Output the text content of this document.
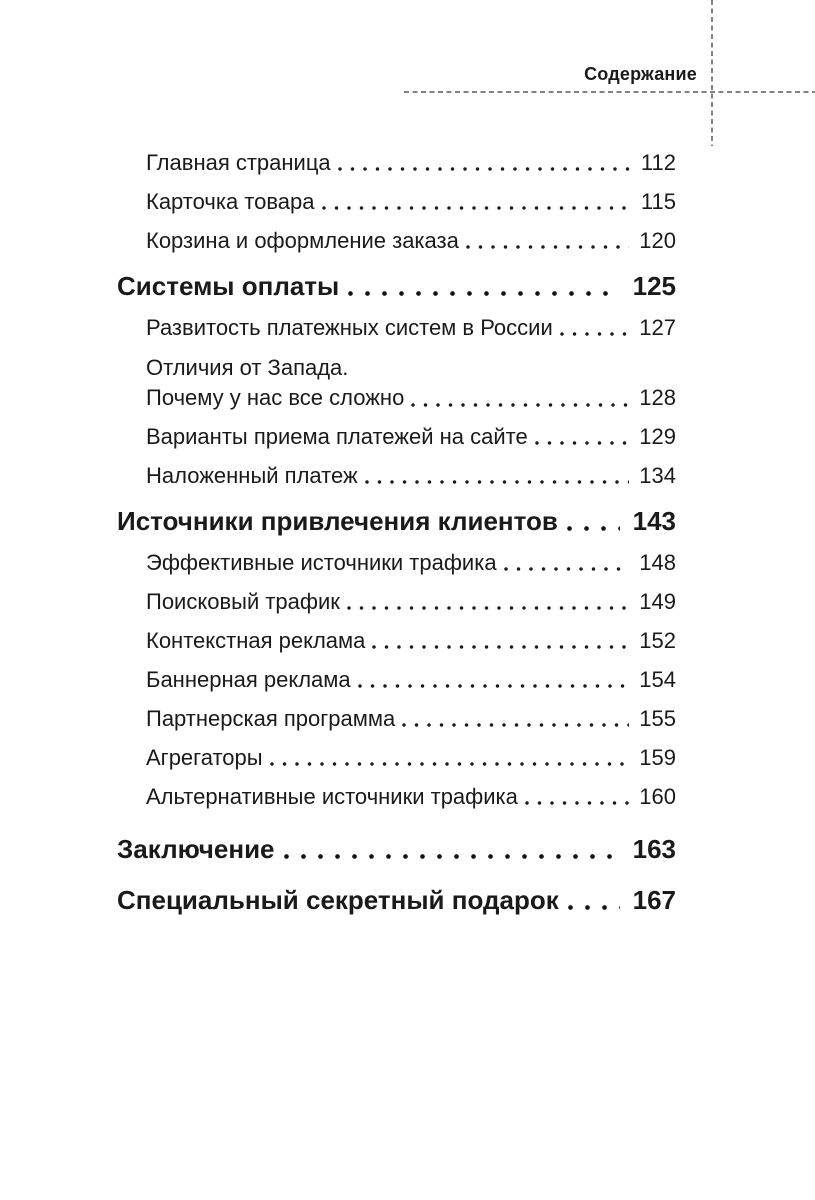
Содержание
Главная страница	112
Карточка товара	115
Корзина и оформление заказа	120
Системы оплаты	125
Развитость платежных систем в России	127
Отличия от Запада.
Почему у нас все сложно	128
Варианты приема платежей на сайте	129
Наложенный платеж	134
Источники привлечения клиентов	143
Эффективные источники трафика	148
Поисковый трафик	149
Контекстная реклама	152
Баннерная реклама	154
Партнерская программа	155
Агрегаторы	159
Альтернативные источники трафика	160
Заключение	163
Специальный секретный подарок	167
